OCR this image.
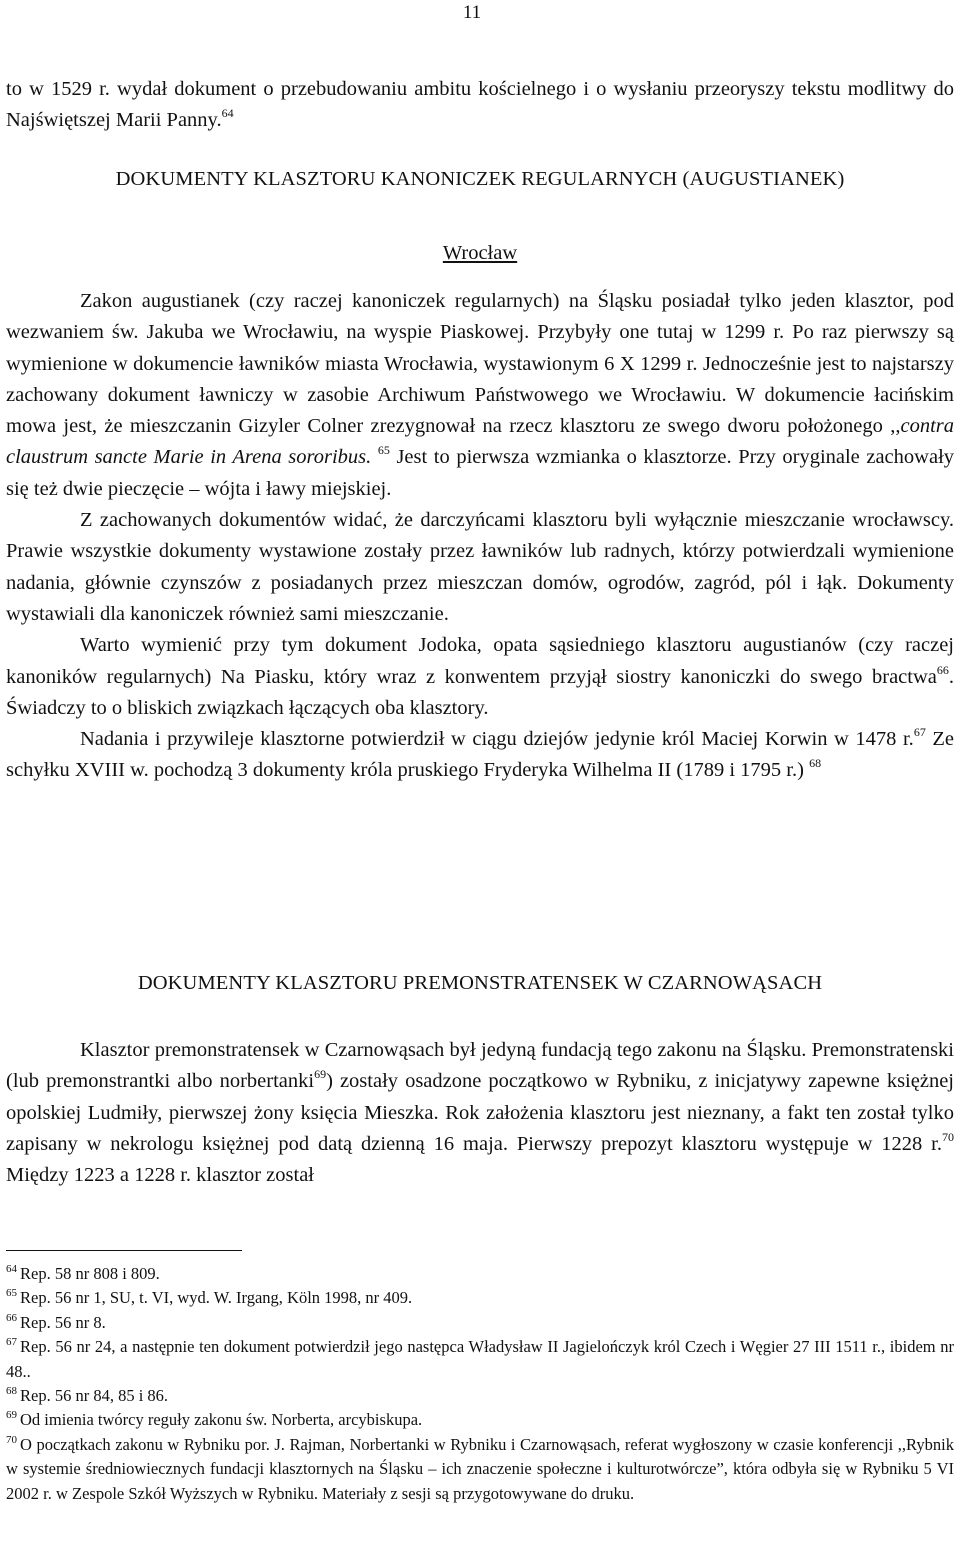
11

to w 1529 r. wydał dokument o przebudowaniu ambitu kościelnego i o wysłaniu przeoryszy tekstu modlitwy do Najświętszej Marii Panny.$^{64}$

DOKUMENTY KLASZTORU KANONICZEK REGULARNYCH (AUGUSTIANEK)

Wrocław

Zakon augustianek (czy raczej kanoniczek regularnych) na Śląsku posiadał tylko jeden klasztor, pod wezwaniem św. Jakuba we Wrocławiu, na wyspie Piaskowej. Przybyły one tutaj w 1299 r. Po raz pierwszy są wymienione w dokumencie ławników miasta Wrocławia, wystawionym 6 X 1299 r. Jednocześnie jest to najstarszy zachowany dokument ławniczy w zasobie Archiwum Państwowego we Wrocławiu. W dokumencie łacińskim mowa jest, że mieszczanin Gizyler Colner zrezygnował na rzecz klasztoru ze swego dworu położonego ,,contra claustrum sancte Marie in Arena sororibus. $^{65}$ Jest to pierwsza wzmianka o klasztorze. Przy oryginale zachowały się też dwie pieczęcie – wójta i ławy miejskiej.

Z zachowanych dokumentów widać, że darczyńcami klasztoru byli wyłącznie mieszczanie wrocławscy. Prawie wszystkie dokumenty wystawione zostały przez ławników lub radnych, którzy potwierdzali wymienione nadania, głównie czynszów z posiadanych przez mieszczan domów, ogrodów, zagród, pól i łąk. Dokumenty wystawiali dla kanoniczek również sami mieszczanie.

Warto wymienić przy tym dokument Jodoka, opata sąsiedniego klasztoru augustianów (czy raczej kanoników regularnych) Na Piasku, który wraz z konwentem przyjął siostry kanoniczki do swego bractwa$^{66}$. Świadczy to o bliskich związkach łączących oba klasztory.

Nadania i przywileje klasztorne potwierdził w ciągu dziejów jedynie król Maciej Korwin w 1478 r.$^{67}$ Ze schyłku XVIII w. pochodzą 3 dokumenty króla pruskiego Fryderyka Wilhelma II (1789 i 1795 r.) $^{68}$

DOKUMENTY KLASZTORU PREMONSTRATENSEK W CZARNOWĄSACH

Klasztor premonstratensek w Czarnowąsach był jedyną fundacją tego zakonu na Śląsku. Premonstratenski (lub premonstrantki albo norbertanki$^{69}$) zostały osadzone początkowo w Rybniku, z inicjatywy zapewne księżnej opolskiej Ludmiły, pierwszej żony księcia Mieszka. Rok założenia klasztoru jest nieznany, a fakt ten został tylko zapisany w nekrologu księżnej pod datą dzienną 16 maja. Pierwszy prepozyt klasztoru występuje w 1228 r.$^{70}$ Między 1223 a 1228 r. klasztor został

$^{64}$ Rep. 58 nr 808 i 809.

$^{65}$ Rep. 56 nr 1, SU, t. VI, wyd. W. Irgang, Köln 1998, nr 409.

$^{66}$ Rep. 56 nr 8.

$^{67}$ Rep. 56 nr 24, a następnie ten dokument potwierdził jego następca Władysław II Jagielończyk król Czech i Węgier 27 III 1511 r., ibidem nr 48..

$^{68}$ Rep. 56 nr 84, 85 i 86.

$^{69}$ Od imienia twórcy reguły zakonu św. Norberta, arcybiskupa.

$^{70}$ O początkach zakonu w Rybniku por. J. Rajman, Norbertanki w Rybniku i Czarnowąsach, referat wygłoszony w czasie konferencji ,,Rybnik w systemie średniowiecznych fundacji klasztornych na Śląsku – ich znaczenie społeczne i kulturotwórcze”, która odbyła się w Rybniku 5 VI 2002 r. w Zespole Szkół Wyższych w Rybniku. Materiały z sesji są przygotowywane do druku.
